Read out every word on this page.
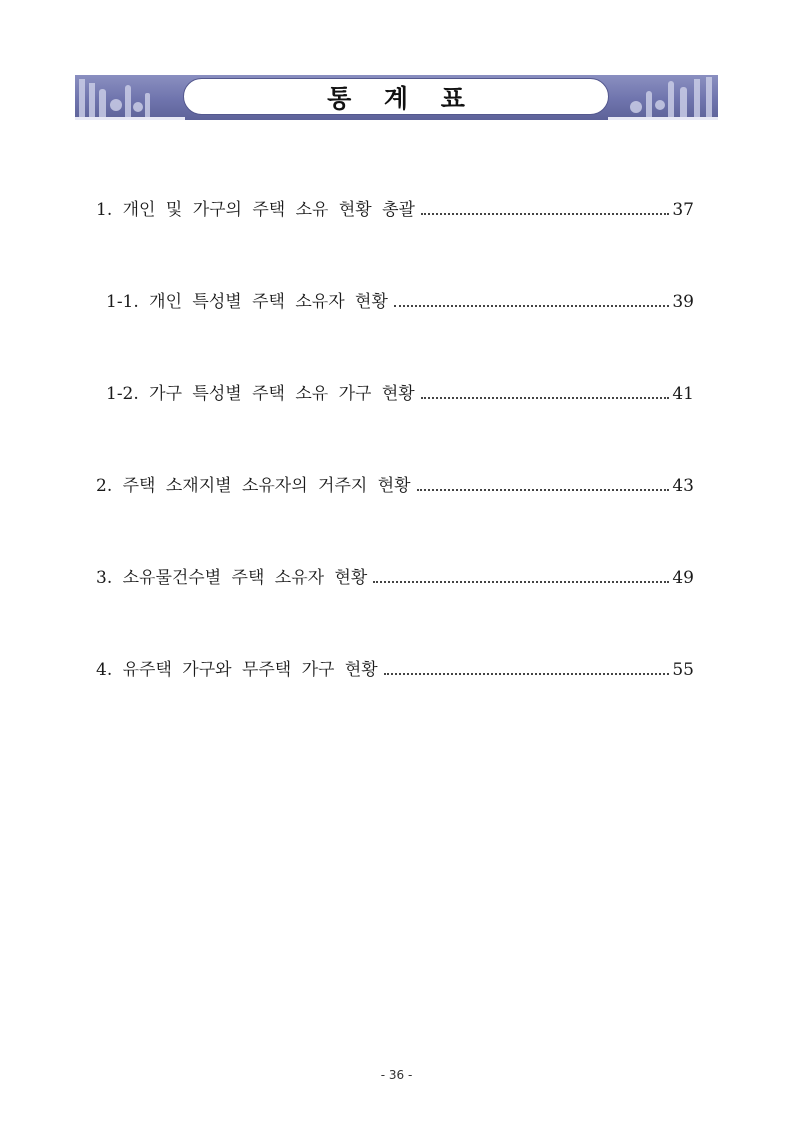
통 계 표
1. 개인 및 가구의 주택 소유 현황 총괄	37
1-1. 개인 특성별 주택 소유자 현황	39
1-2. 가구 특성별 주택 소유 가구 현황	41
2. 주택 소재지별 소유자의 거주지 현황	43
3. 소유물건수별 주택 소유자 현황	49
4. 유주택 가구와 무주택 가구 현황	55
- 36 -
